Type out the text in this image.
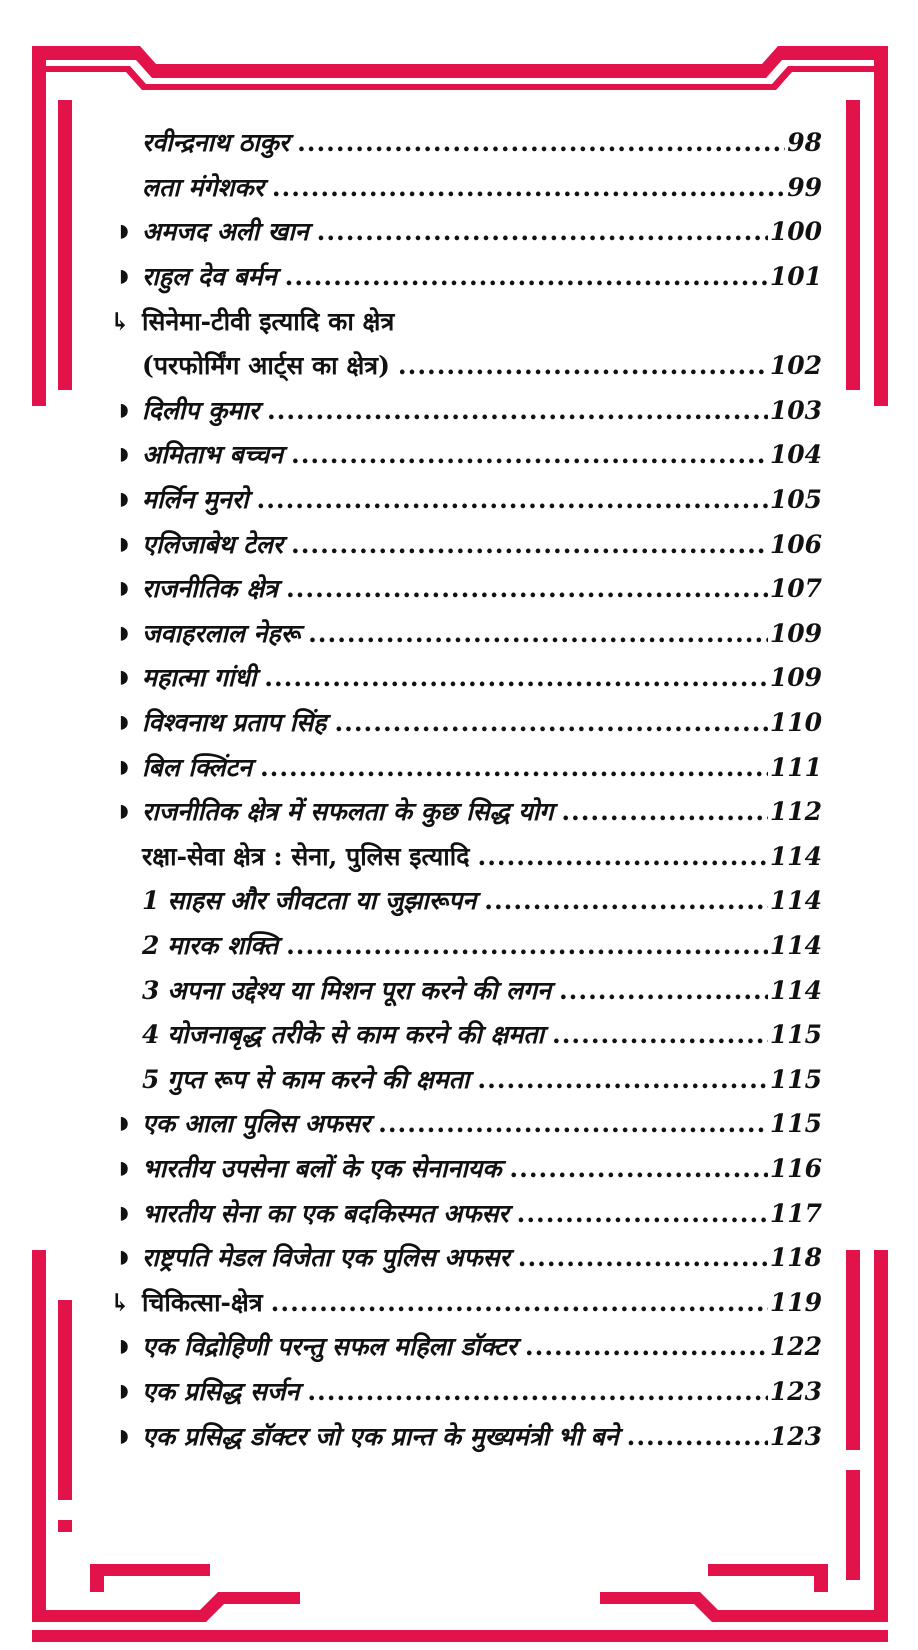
रवीन्द्रनाथ ठाकुर .....	98
लता मंगेशकर .....	99
◗ अमजद अली खान .....	100
◗ राहुल देव बर्मन .....	101
↳ सिनेमा-टीवी इत्यादि का क्षेत्र
(परफोर्मिंग आर्ट्स का क्षेत्र) .....	102
◗ दिलीप कुमार .....	103
◗ अमिताभ बच्चन .....	104
◗ मर्लिन मुनरो .....	105
◗ एलिजाबेथ टेलर .....	106
◗ राजनीतिक क्षेत्र .....	107
◗ जवाहरलाल नेहरू .....	109
◗ महात्मा गांधी .....	109
◗ विश्वनाथ प्रताप सिंह .....	110
◗ बिल क्लिंटन .....	111
◗ राजनीतिक क्षेत्र में सफलता के कुछ सिद्ध योग .....	112
रक्षा-सेवा क्षेत्र : सेना, पुलिस इत्यादि .....	114
1 साहस और जीवटता या जुझारूपन .....	114
2 मारक शक्ति .....	114
3 अपना उद्देश्य या मिशन पूरा करने की लगन .....	114
4 योजनाबृद्ध तरीके से काम करने की क्षमता .....	115
5 गुप्त रूप से काम करने की क्षमता .....	115
◗ एक आला पुलिस अफसर .....	115
◗ भारतीय उपसेना बलों के एक सेनानायक .....	116
◗ भारतीय सेना का एक बदकिस्मत अफसर .....	117
◗ राष्ट्रपति मेडल विजेता एक पुलिस अफसर .....	118
↳ चिकित्सा-क्षेत्र .....	119
◗ एक विद्रोहिणी परन्तु सफल महिला डॉक्टर .....	122
◗ एक प्रसिद्ध सर्जन .....	123
◗ एक प्रसिद्ध डॉक्टर जो एक प्रान्त के मुख्यमंत्री भी बने .....	123
